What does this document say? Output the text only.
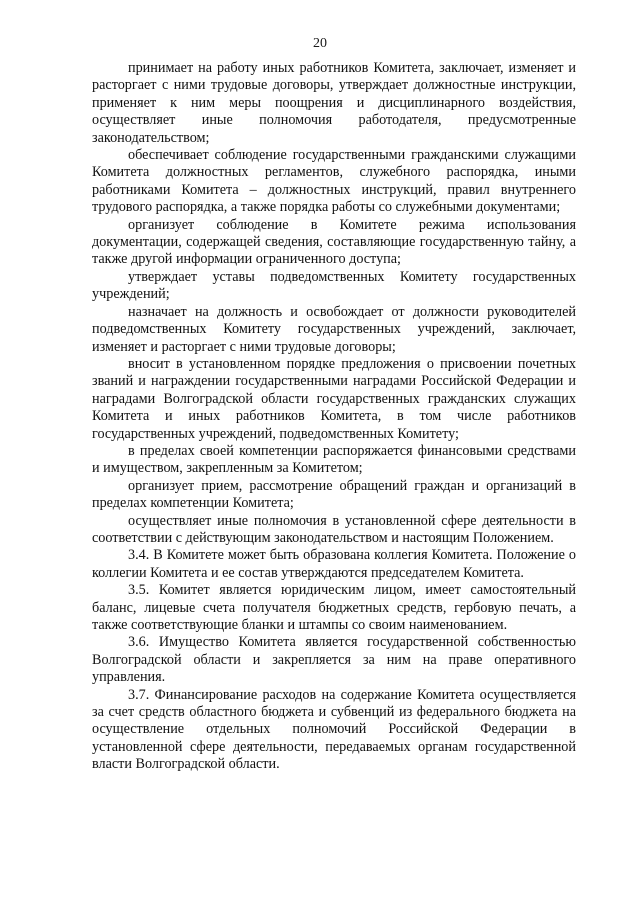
20

принимает на работу иных работников Комитета, заключает, изменяет и расторгает с ними трудовые договоры, утверждает должностные инструкции, применяет к ним меры поощрения и дисциплинарного воздействия, осуществляет иные полномочия работодателя, предусмотренные законодательством;

обеспечивает соблюдение государственными гражданскими служащими Комитета должностных регламентов, служебного распорядка, иными работниками Комитета – должностных инструкций, правил внутреннего трудового распорядка, а также порядка работы со служебными документами;

организует соблюдение в Комитете режима использования документации, содержащей сведения, составляющие государственную тайну, а также другой информации ограниченного доступа;

утверждает уставы подведомственных Комитету государственных учреждений;

назначает на должность и освобождает от должности руководителей подведомственных Комитету государственных учреждений, заключает, изменяет и расторгает с ними трудовые договоры;

вносит в установленном порядке предложения о присвоении почетных званий и награждении государственными наградами Российской Федерации и наградами Волгоградской области государственных гражданских служащих Комитета и иных работников Комитета, в том числе работников государственных учреждений, подведомственных Комитету;

в пределах своей компетенции распоряжается финансовыми средствами и имуществом, закрепленным за Комитетом;

организует прием, рассмотрение обращений граждан и организаций в пределах компетенции Комитета;

осуществляет иные полномочия в установленной сфере деятельности в соответствии с действующим законодательством и настоящим Положением.

3.4. В Комитете может быть образована коллегия Комитета. Положение о коллегии Комитета и ее состав утверждаются председателем Комитета.

3.5. Комитет является юридическим лицом, имеет самостоятельный баланс, лицевые счета получателя бюджетных средств, гербовую печать, а также соответствующие бланки и штампы со своим наименованием.

3.6. Имущество Комитета является государственной собственностью Волгоградской области и закрепляется за ним на праве оперативного управления.

3.7. Финансирование расходов на содержание Комитета осуществляется за счет средств областного бюджета и субвенций из федерального бюджета на осуществление отдельных полномочий Российской Федерации в установленной сфере деятельности, передаваемых органам государственной власти Волгоградской области.
